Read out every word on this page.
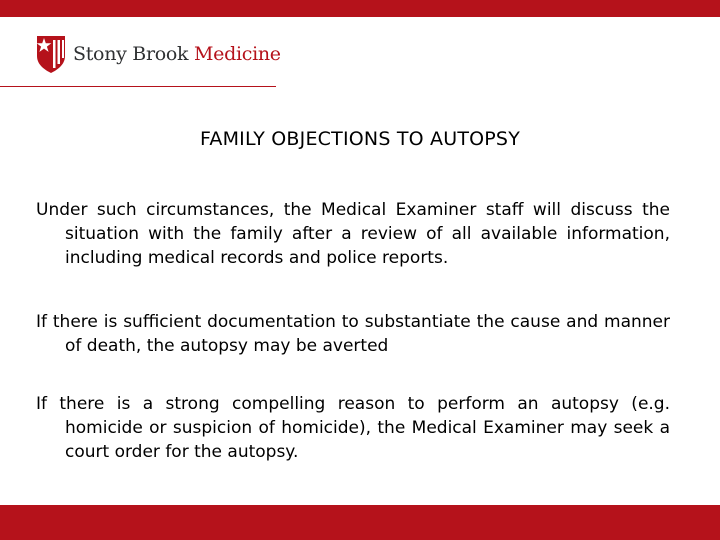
Stony Brook Medicine
FAMILY OBJECTIONS TO AUTOPSY
Under such circumstances, the Medical Examiner staff will discuss the situation with the family after a review of all available information, including medical records and police reports.
If there is sufficient documentation to substantiate the cause and manner of death, the autopsy may be averted
If there is a strong compelling reason to perform an autopsy (e.g. homicide or suspicion of homicide), the Medical Examiner may seek a court order for the autopsy.
